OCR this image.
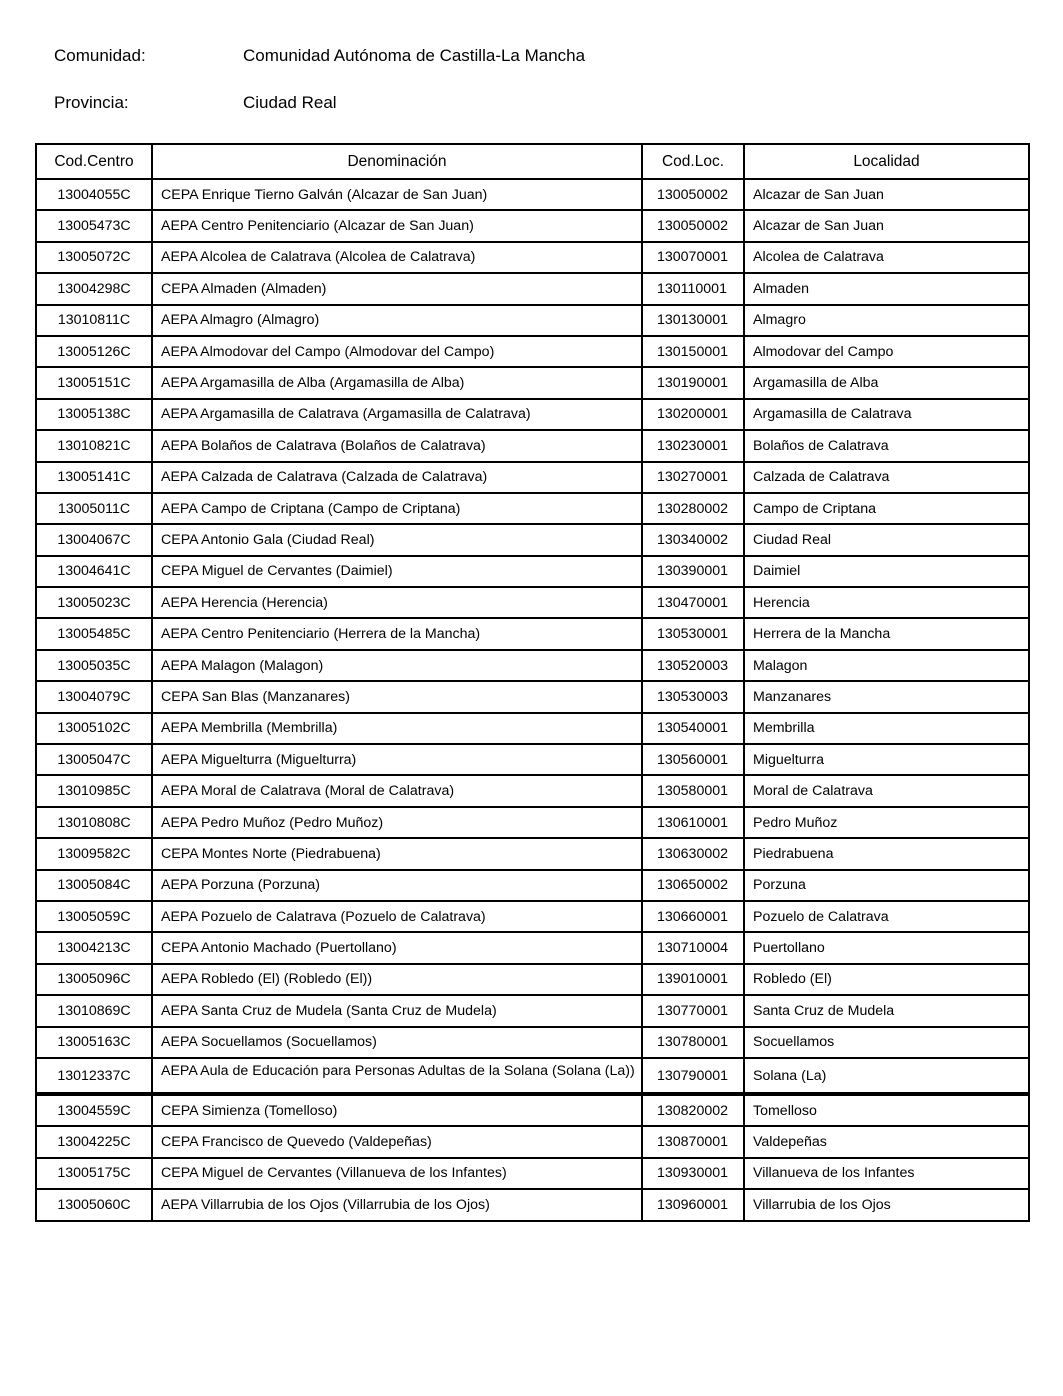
Comunidad:	Comunidad Autónoma de Castilla-La Mancha
Provincia:	Ciudad Real
Cod.Centro	Denominación	Cod.Loc.	Localidad
13004055C	CEPA Enrique Tierno Galván (Alcazar de San Juan)	130050002	Alcazar de San Juan
13005473C	AEPA Centro Penitenciario (Alcazar de San Juan)	130050002	Alcazar de San Juan
13005072C	AEPA Alcolea de Calatrava (Alcolea de Calatrava)	130070001	Alcolea de Calatrava
13004298C	CEPA Almaden (Almaden)	130110001	Almaden
13010811C	AEPA Almagro (Almagro)	130130001	Almagro
13005126C	AEPA Almodovar del Campo (Almodovar del Campo)	130150001	Almodovar del Campo
13005151C	AEPA Argamasilla de Alba (Argamasilla de Alba)	130190001	Argamasilla de Alba
13005138C	AEPA Argamasilla de Calatrava (Argamasilla de Calatrava)	130200001	Argamasilla de Calatrava
13010821C	AEPA Bolaños de Calatrava (Bolaños de Calatrava)	130230001	Bolaños de Calatrava
13005141C	AEPA Calzada de Calatrava (Calzada de Calatrava)	130270001	Calzada de Calatrava
13005011C	AEPA Campo de Criptana (Campo de Criptana)	130280002	Campo de Criptana
13004067C	CEPA Antonio Gala (Ciudad Real)	130340002	Ciudad Real
13004641C	CEPA Miguel de Cervantes (Daimiel)	130390001	Daimiel
13005023C	AEPA Herencia (Herencia)	130470001	Herencia
13005485C	AEPA Centro Penitenciario (Herrera de la Mancha)	130530001	Herrera de la Mancha
13005035C	AEPA Malagon (Malagon)	130520003	Malagon
13004079C	CEPA San Blas (Manzanares)	130530003	Manzanares
13005102C	AEPA Membrilla (Membrilla)	130540001	Membrilla
13005047C	AEPA Miguelturra (Miguelturra)	130560001	Miguelturra
13010985C	AEPA Moral de Calatrava (Moral de Calatrava)	130580001	Moral de Calatrava
13010808C	AEPA Pedro Muñoz (Pedro Muñoz)	130610001	Pedro Muñoz
13009582C	CEPA Montes Norte (Piedrabuena)	130630002	Piedrabuena
13005084C	AEPA Porzuna (Porzuna)	130650002	Porzuna
13005059C	AEPA Pozuelo de Calatrava (Pozuelo de Calatrava)	130660001	Pozuelo de Calatrava
13004213C	CEPA Antonio Machado (Puertollano)	130710004	Puertollano
13005096C	AEPA Robledo (El) (Robledo (El))	139010001	Robledo (El)
13010869C	AEPA Santa Cruz de Mudela (Santa Cruz de Mudela)	130770001	Santa Cruz de Mudela
13005163C	AEPA Socuellamos (Socuellamos)	130780001	Socuellamos
13012337C	AEPA Aula de Educación para Personas Adultas de la Solana (Solana (La))	130790001	Solana (La)
13004559C	CEPA Simienza (Tomelloso)	130820002	Tomelloso
13004225C	CEPA Francisco de Quevedo (Valdepeñas)	130870001	Valdepeñas
13005175C	CEPA Miguel de Cervantes (Villanueva de los Infantes)	130930001	Villanueva de los Infantes
13005060C	AEPA Villarrubia de los Ojos (Villarrubia de los Ojos)	130960001	Villarrubia de los Ojos
